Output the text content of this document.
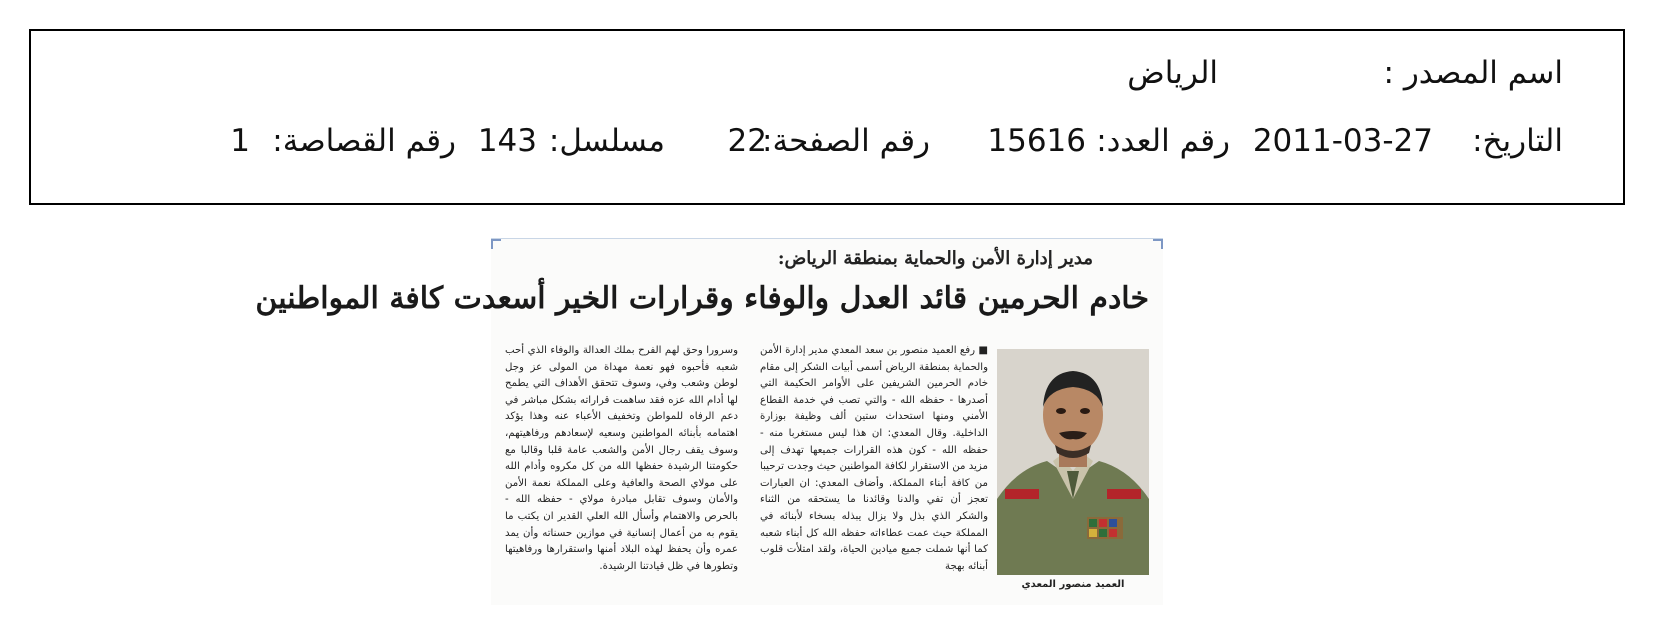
اسم المصدر :
الرياض
التاريخ:
2011-03-27
رقم العدد:
15616
رقم الصفحة:
22
مسلسل:
143
رقم القصاصة:
1
مدير إدارة الأمن والحماية بمنطقة الرياض:
خادم الحرمين قائد العدل والوفاء وقرارات الخير أسعدت كافة المواطنين
العميد منصور المعدي

■ رفع العميد منصور بن سعد المعدي مدير إدارة الأمن والحماية بمنطقة الرياض أسمى أبيات الشكر إلى مقام خادم الحرمين الشريفين على الأوامر الحكيمة التي أصدرها - حفظه الله - والتي تصب في خدمة القطاع الأمني ومنها استحداث ستين ألف وظيفة بوزارة الداخلية. وقال المعدي: ان هذا ليس مستغربا منه - حفظه الله - كون هذه القرارات جميعها تهدف إلى مزيد من الاستقرار لكافة المواطنين حيث وجدت ترحيبا من كافة أبناء المملكة. وأضاف المعدي: ان العبارات تعجز أن تفي والدنا وقائدنا ما يستحقه من الثناء والشكر الذي بذل ولا يزال يبذله بسخاء لأبنائه في المملكة حيث عمت عطاءاته حفظه الله كل أبناء شعبه كما أنها شملت جميع ميادين الحياة، ولقد امتلأت قلوب أبنائه بهجة

وسرورا وحق لهم الفرح بملك العدالة والوفاء الذي أحب شعبه فأحبوه فهو نعمة مهداة من المولى عز وجل لوطن وشعب وفي، وسوف تتحقق الأهداف التي يطمح لها أدام الله عزه فقد ساهمت قراراته بشكل مباشر في دعم الرفاه للمواطن وتخفيف الأعباء عنه وهذا يؤكد اهتمامه بأبنائه المواطنين وسعيه لإسعادهم ورفاهيتهم، وسوف يقف رجال الأمن والشعب عامة قلبا وقالبا مع حكومتنا الرشيدة حفظها الله من كل مكروه وأدام الله على مولاي الصحة والعافية وعلى المملكة نعمة الأمن والأمان وسوف تقابل مبادرة مولاي - حفظه الله - بالحرص والاهتمام وأسأل الله العلي القدير ان يكتب ما يقوم به من أعمال إنسانية في موازين حسناته وأن يمد عمره وأن يحفظ لهذه البلاد أمنها واستقرارها ورفاهيتها وتطورها في ظل قيادتنا الرشيدة.
